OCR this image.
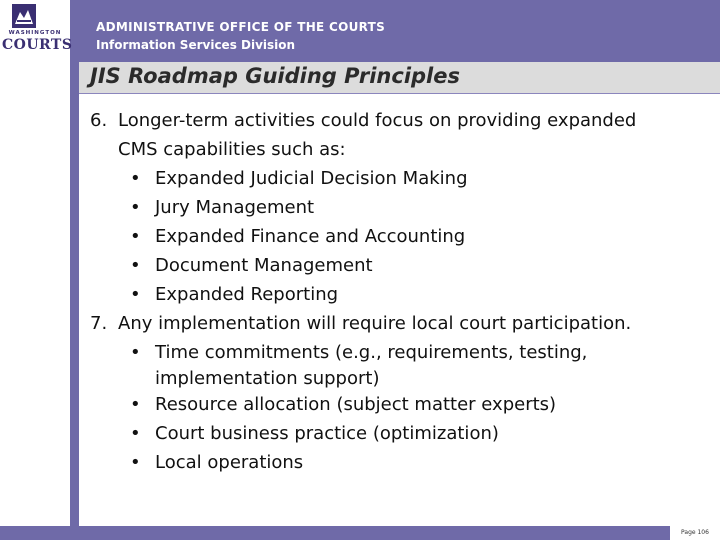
WASHINGTON
COURTS
ADMINISTRATIVE OFFICE OF THE COURTS
Information Services Division
JIS Roadmap Guiding Principles
6. Longer-term activities could focus on providing expanded
CMS capabilities such as:
• Expanded Judicial Decision Making
• Jury Management
• Expanded Finance and Accounting
• Document Management
• Expanded Reporting
7. Any implementation will require local court participation.
• Time commitments (e.g., requirements, testing,
implementation support)
• Resource allocation (subject matter experts)
• Court business practice (optimization)
• Local operations
Page 106
